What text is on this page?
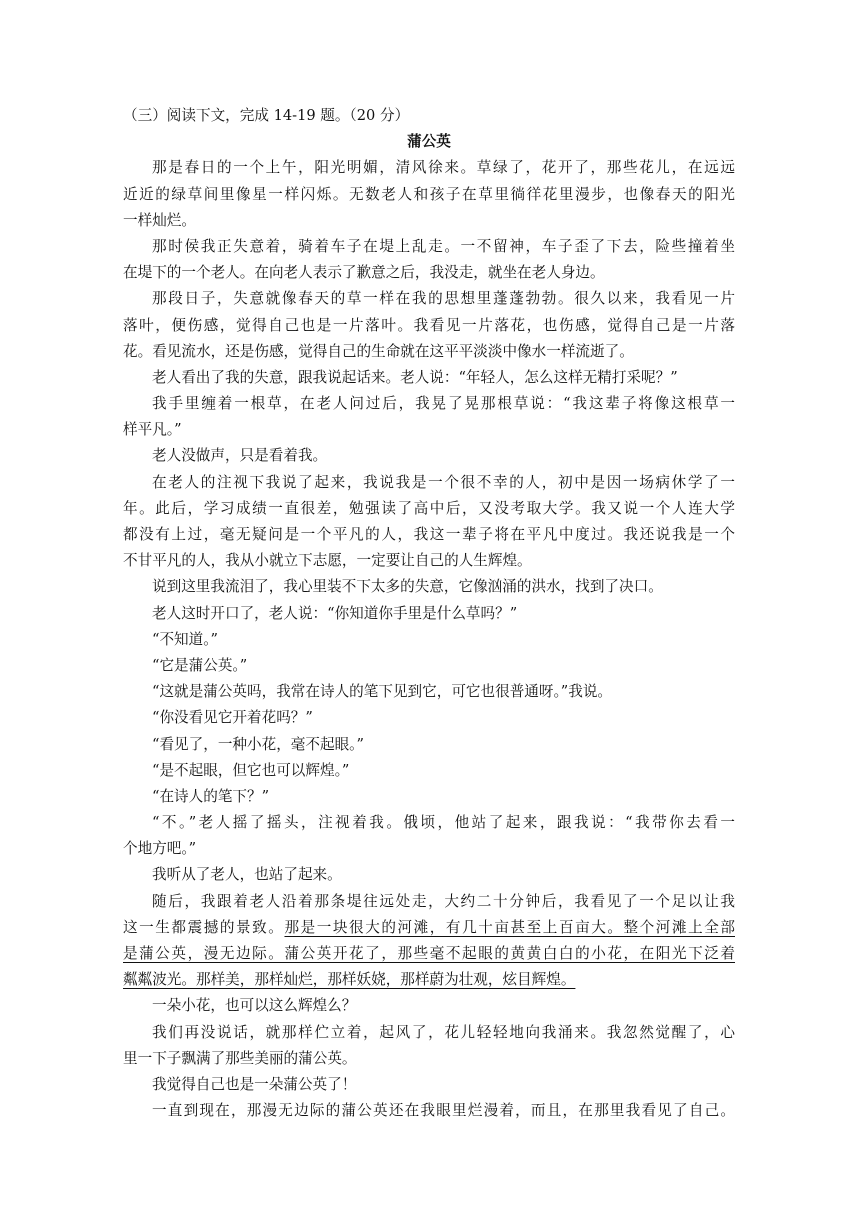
（三）阅读下文，完成 14-19 题。（20 分）
蒲公英
那是春日的一个上午，阳光明媚，清风徐来。草绿了，花开了，那些花儿，在远远
近近的绿草间里像星一样闪烁。无数老人和孩子在草里徜徉花里漫步，也像春天的阳光
一样灿烂。
那时侯我正失意着，骑着车子在堤上乱走。一不留神，车子歪了下去，险些撞着坐
在堤下的一个老人。在向老人表示了歉意之后，我没走，就坐在老人身边。
那段日子，失意就像春天的草一样在我的思想里蓬蓬勃勃。很久以来，我看见一片
落叶，便伤感，觉得自己也是一片落叶。我看见一片落花，也伤感，觉得自己是一片落
花。看见流水，还是伤感，觉得自己的生命就在这平平淡淡中像水一样流逝了。
老人看出了我的失意，跟我说起话来。老人说：“年轻人，怎么这样无精打采呢？”
我手里缠着一根草，在老人问过后，我晃了晃那根草说：“我这辈子将像这根草一
样平凡。”
老人没做声，只是看着我。
在老人的注视下我说了起来，我说我是一个很不幸的人，初中是因一场病休学了一
年。此后，学习成绩一直很差，勉强读了高中后，又没考取大学。我又说一个人连大学
都没有上过，毫无疑问是一个平凡的人，我这一辈子将在平凡中度过。我还说我是一个
不甘平凡的人，我从小就立下志愿，一定要让自己的人生辉煌。
说到这里我流泪了，我心里装不下太多的失意，它像汹涌的洪水，找到了决口。
老人这时开口了，老人说：“你知道你手里是什么草吗？”
“不知道。”
“它是蒲公英。”
“这就是蒲公英吗，我常在诗人的笔下见到它，可它也很普通呀。”我说。
“你没看见它开着花吗？”
“看见了，一种小花，毫不起眼。”
“是不起眼，但它也可以辉煌。”
“在诗人的笔下？”
“不。”老人摇了摇头，注视着我。俄顷，他站了起来，跟我说：“我带你去看一
个地方吧。”
我听从了老人，也站了起来。
随后，我跟着老人沿着那条堤往远处走，大约二十分钟后，我看见了一个足以让我
这一生都震撼的景致。那是一块很大的河滩，有几十亩甚至上百亩大。整个河滩上全部
是蒲公英，漫无边际。蒲公英开花了，那些毫不起眼的黄黄白白的小花，在阳光下泛着
粼粼波光。那样美，那样灿烂，那样妖娆，那样蔚为壮观，炫目辉煌。
一朵小花，也可以这么辉煌么？
我们再没说话，就那样伫立着，起风了，花儿轻轻地向我涌来。我忽然觉醒了，心
里一下子飘满了那些美丽的蒲公英。
我觉得自己也是一朵蒲公英了！
一直到现在，那漫无边际的蒲公英还在我眼里烂漫着，而且，在那里我看见了自己。
